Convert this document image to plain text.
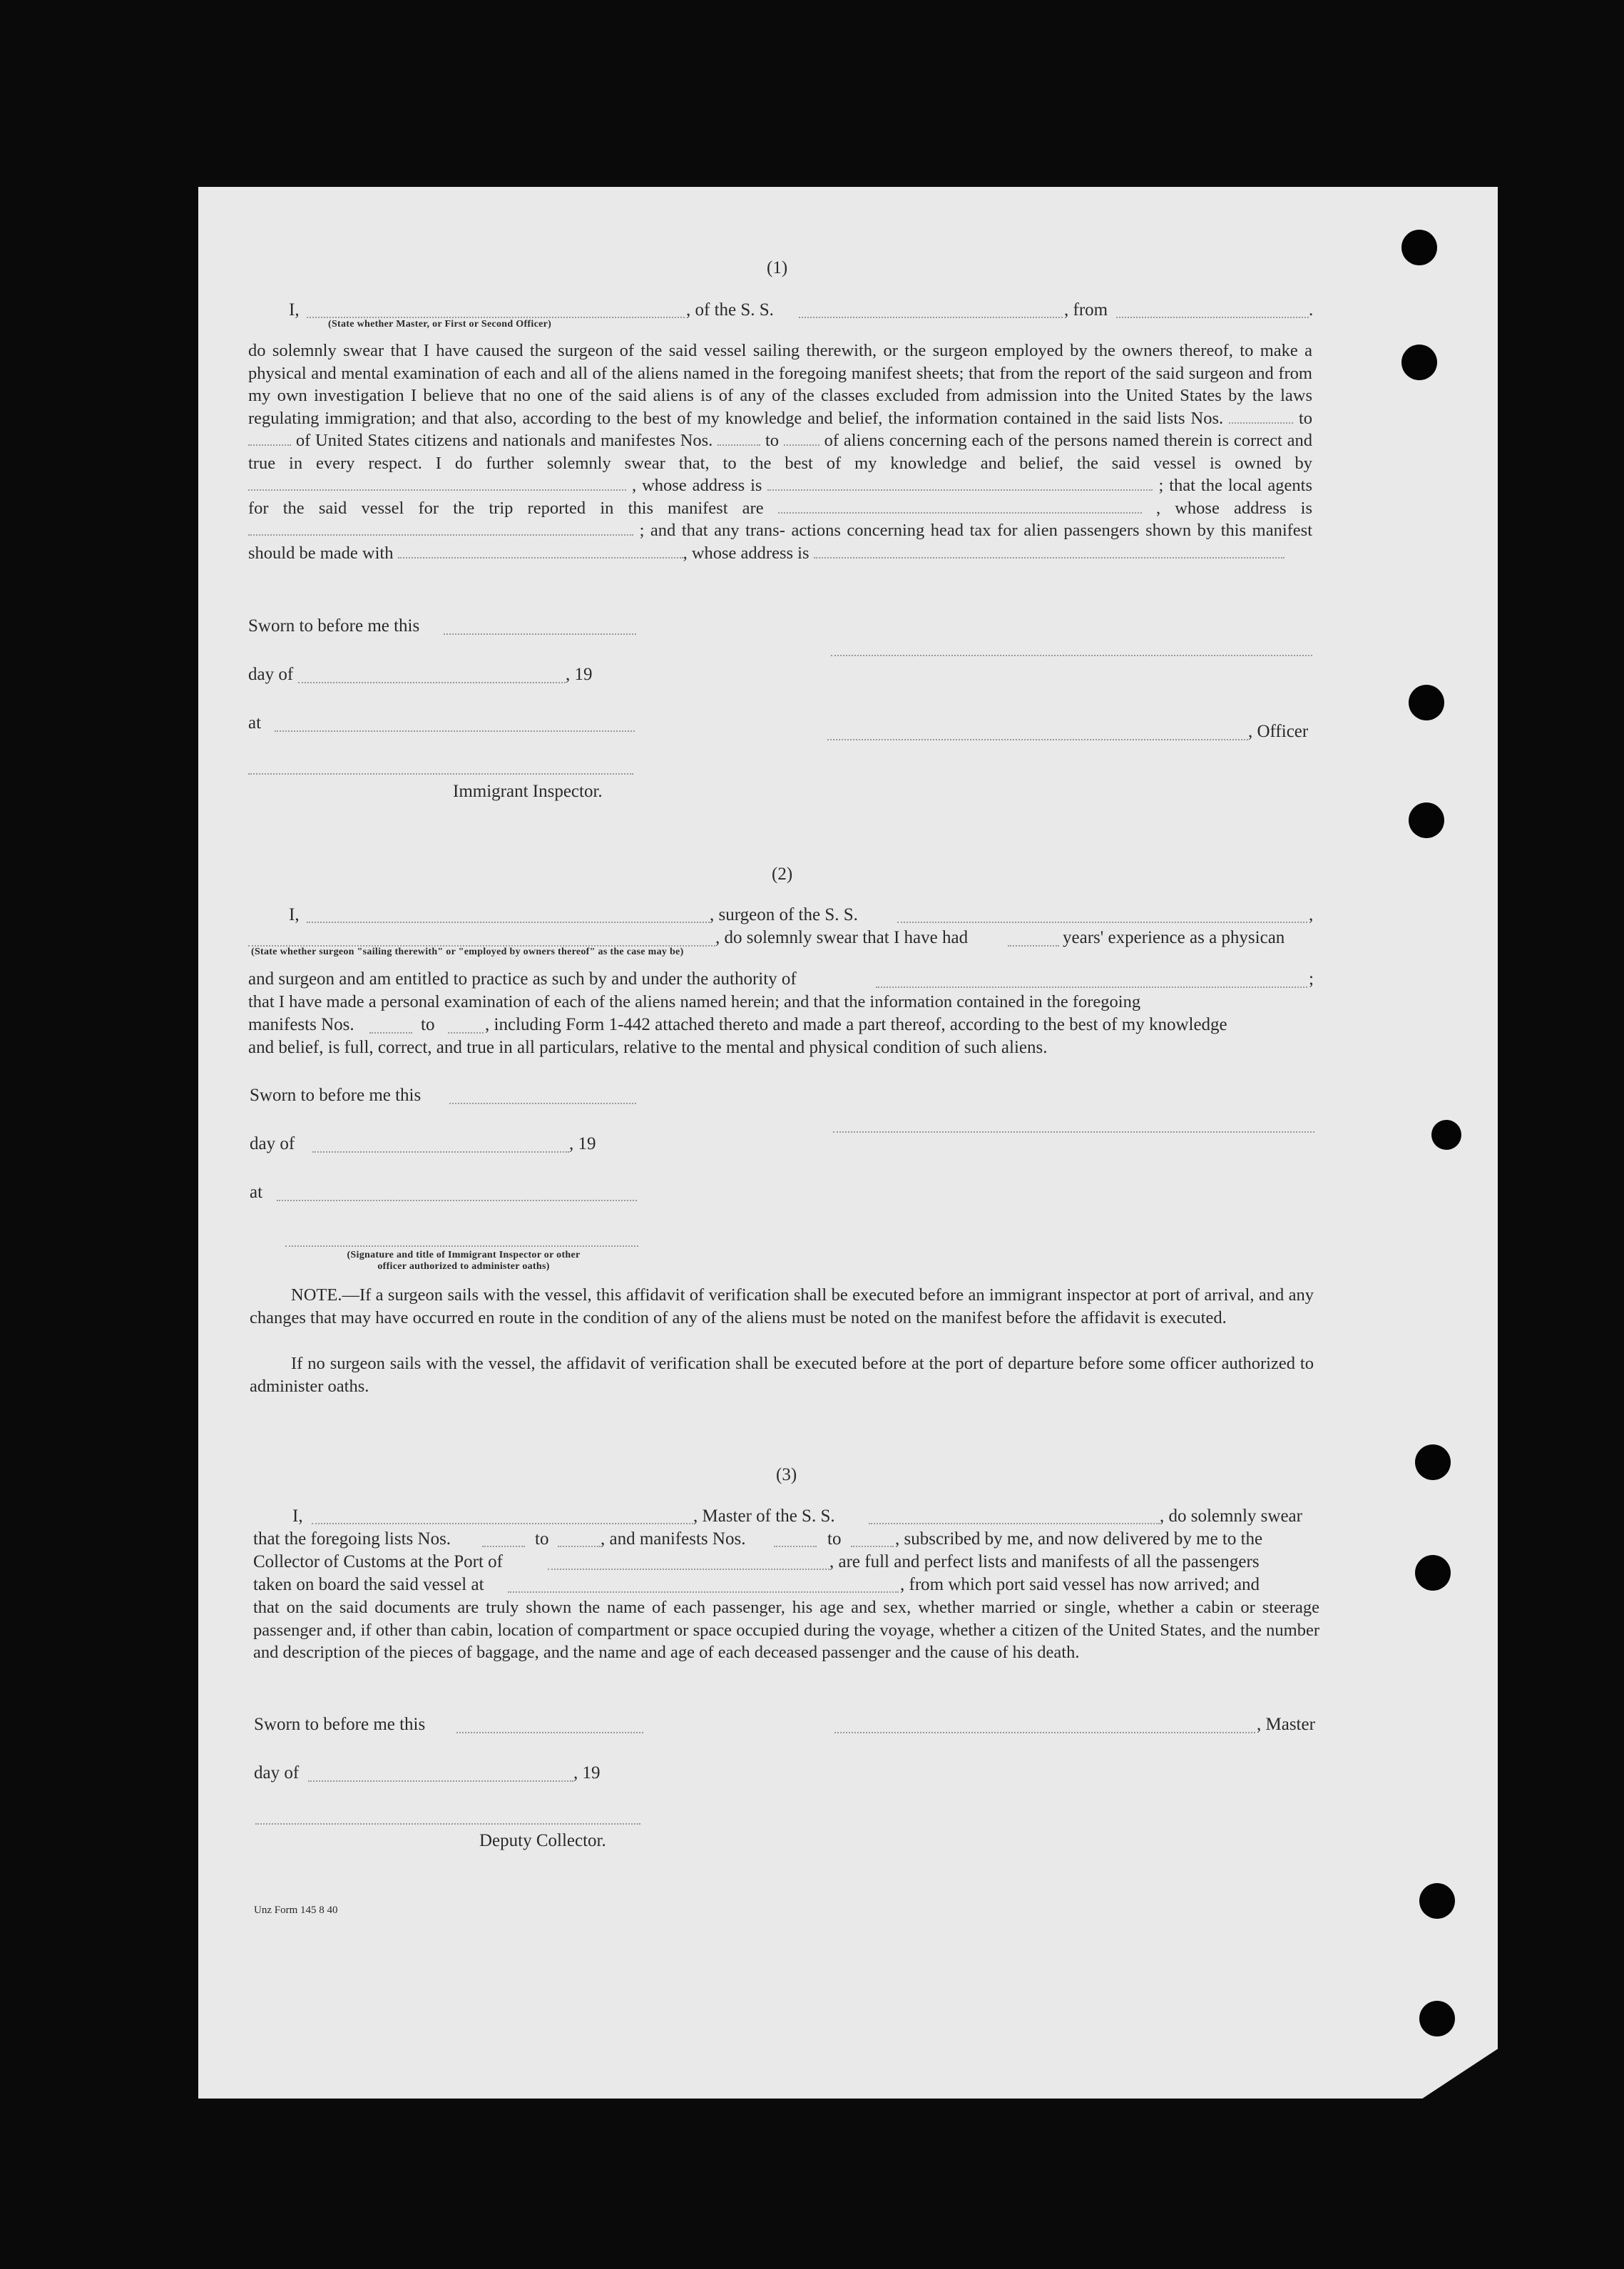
(1)
I,	, of the S. S.	, from	.
(State whether Master, or First or Second Officer)
do solemnly swear that I have caused the surgeon of the said vessel sailing therewith, or the surgeon employed by the owners thereof, to make a physical and mental examination of each and all of the aliens named in the foregoing manifest sheets; that from the report of the said surgeon and from my own investigation I believe that no one of the said aliens is of any of the classes excluded from admission into the United States by the laws regulating immigration; and that also, according to the best of my knowledge and belief, the information contained in the said lists Nos.	to  of United States citizens and nationals and manifestes Nos.	to	of aliens concerning each of the persons named therein is correct and true in every respect. I do further solemnly swear that, to the best of my knowledge and belief, the said vessel is owned by  , whose address is	; that the local agents for the said vessel for the trip reported in this manifest are	, whose address is  ; and that any trans- actions concerning head tax for alien passengers shown by this manifest should be made with	, whose address is
Sworn to before me this
day of	, 19
at	, Officer
Immigrant Inspector.
(2)
I,	, surgeon of the S. S.	,
, do solemnly swear that I have had	years' experience as a physican
(State whether surgeon "sailing therewith" or "employed by owners thereof" as the case may be)
and surgeon and am entitled to practice as such by and under the authority of	;
that I have made a personal examination of each of the aliens named herein; and that the information contained in the foregoing
manifests Nos.	to	, including Form 1-442 attached thereto and made a part thereof, according to the best of my knowledge
and belief, is full, correct, and true in all particulars, relative to the mental and physical condition of such aliens.
Sworn to before me this
day of	, 19
at
(Signature and title of Immigrant Inspector or other
officer authorized to administer oaths)
NOTE.—If a surgeon sails with the vessel, this affidavit of verification shall be executed before an immigrant inspector at port of arrival, and any changes that may have occurred en route in the condition of any of the aliens must be noted on the manifest before the affidavit is executed.
If no surgeon sails with the vessel, the affidavit of verification shall be executed before at the port of departure before some officer authorized to administer oaths.
(3)
I,	, Master of the S. S.	, do solemnly swear
that the foregoing lists Nos.	to	, and manifests Nos.	to	, subscribed by me, and now delivered by me to the
Collector of Customs at the Port of	, are full and perfect lists and manifests of all the passengers
taken on board the said vessel at	, from which port said vessel has now arrived; and
that on the said documents are truly shown the name of each passenger, his age and sex, whether married or single, whether a cabin or steerage passenger and, if other than cabin, location of compartment or space occupied during the voyage, whether a citizen of the United States, and the number and description of the pieces of baggage, and the name and age of each deceased passenger and the cause of his death.
Sworn to before me this	, Master
day of	, 19
Deputy Collector.
Unz Form 145 8 40
